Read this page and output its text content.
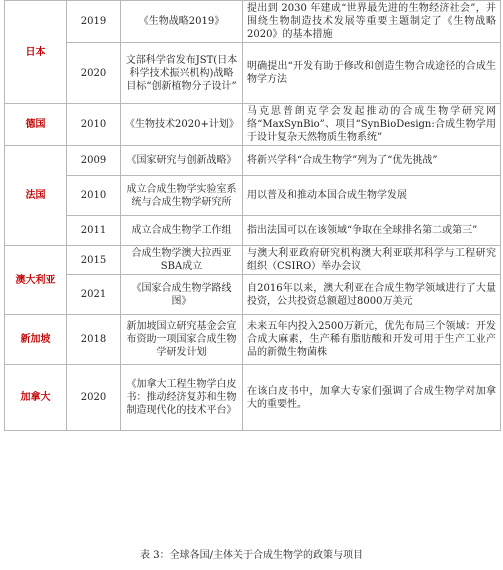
日本	2019	《生物战略2019》	提出到 2030 年建成“世界最先进的生物经济社会”，并围绕生物制造技术发展等重要主题制定了《生物战略2020》的基本措施
	2020	文部科学省发布JST(日本科学技术振兴机构)战略目标“创新植物分子设计”	明确提出“开发有助于修改和创造生物合成途径的合成生物学方法
德国	2010	《生物技术2020+计划》	马克思普朗克学会发起推动的合成生物学研究网络“MaxSynBio”、项目“SynBioDesign:合成生物学用于设计复杂天然物质生物系统”
法国	2009	《国家研究与创新战略》	将新兴学科“合成生物学”列为了“优先挑战”
	2010	成立合成生物学实验室系统与合成生物学研究所	用以普及和推动本国合成生物学发展
	2011	成立合成生物学工作组	指出法国可以在该领域“争取在全球排名第二或第三”
澳大利亚	2015	合成生物学澳大拉西亚SBA成立	与澳大利亚政府研究机构澳大利亚联邦科学与工程研究组织（CSIRO）举办会议
	2021	《国家合成生物学路线图》	自2016年以来，澳大利亚在合成生物学领域进行了大量投资，公共投资总额超过8000万美元
新加坡	2018	新加坡国立研究基金会宣布资助一项国家合成生物学研发计划	未来五年内投入2500万新元，优先布局三个领域：开发合成大麻素，生产稀有脂肪酸和开发可用于生产工业产品的新微生物菌株
加拿大	2020	《加拿大工程生物学白皮书：推动经济复苏和生物制造现代化的技术平台》	在该白皮书中，加拿大专家们强调了合成生物学对加拿大的重要性。
表 3：全球各国/主体关于合成生物学的政策与项目
